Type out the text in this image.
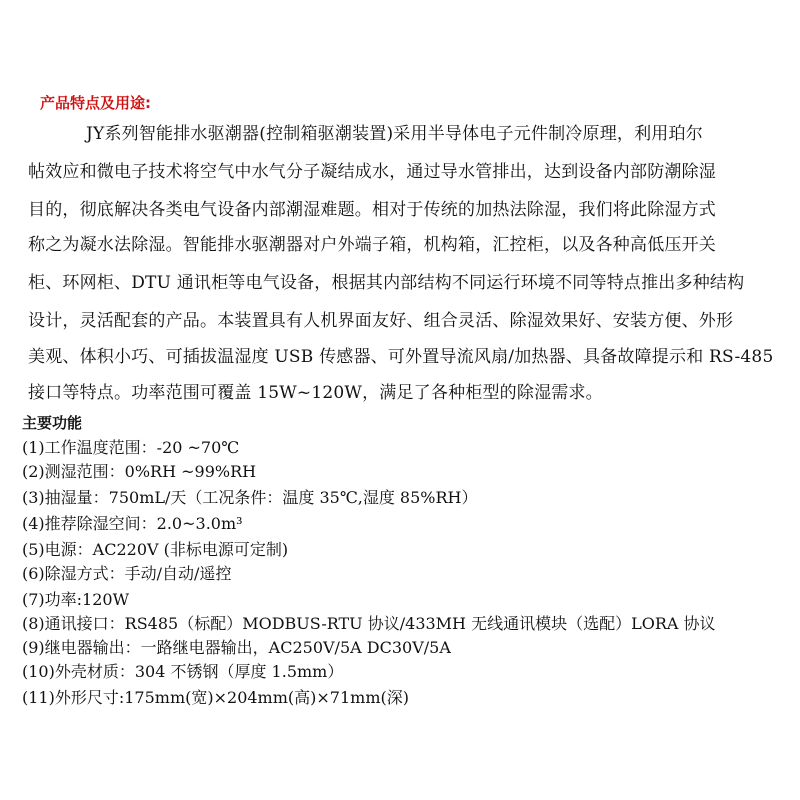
产品特点及用途:
JY系列智能排水驱潮器(控制箱驱潮装置)采用半导体电子元件制冷原理，利用珀尔
帖效应和微电子技术将空气中水气分子凝结成水，通过导水管排出，达到设备内部防潮除湿
目的，彻底解决各类电气设备内部潮湿难题。相对于传统的加热法除湿，我们将此除湿方式
称之为凝水法除湿。智能排水驱潮器对户外端子箱，机构箱，汇控柜，以及各种高低压开关
柜、环网柜、DTU 通讯柜等电气设备，根据其内部结构不同运行环境不同等特点推出多种结构
设计，灵活配套的产品。本装置具有人机界面友好、组合灵活、除湿效果好、安装方便、外形
美观、体积小巧、可插拔温湿度 USB 传感器、可外置导流风扇/加热器、具备故障提示和 RS-485
接口等特点。功率范围可覆盖 15W~120W，满足了各种柜型的除湿需求。
主要功能
(1)工作温度范围：-20 ~70℃
(2)测湿范围：0%RH ~99%RH
(3)抽湿量：750mL/天（工况条件：温度 35℃,湿度 85%RH）
(4)推荐除湿空间：2.0~3.0m³
(5)电源：AC220V (非标电源可定制)
(6)除湿方式：手动/自动/遥控
(7)功率:120W
(8)通讯接口：RS485（标配）MODBUS-RTU 协议/433MH 无线通讯模块（选配）LORA 协议
(9)继电器输出：一路继电器输出，AC250V/5A DC30V/5A
(10)外壳材质：304 不锈钢（厚度 1.5mm）
(11)外形尺寸:175mm(宽)×204mm(高)×71mm(深)
